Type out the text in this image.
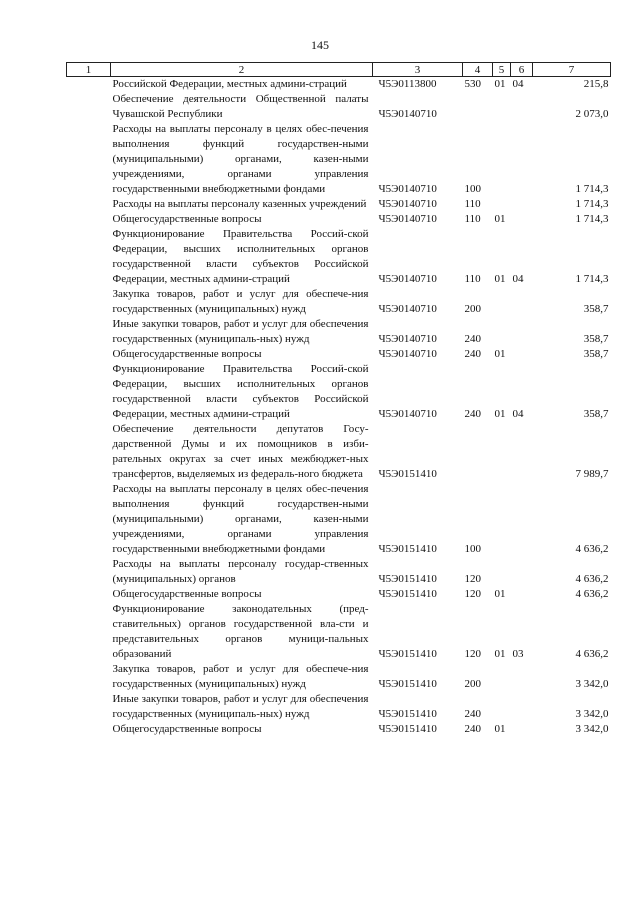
145
1	2	3	4	5	6	7
	Российской Федерации, местных админи-страций	Ч5Э0113800	530	01	04	215,8
	Обеспечение деятельности Общественной палаты Чувашской Республики	Ч5Э0140710				2 073,0
	Расходы на выплаты персоналу в целях обес-печения выполнения функций государствен-ными (муниципальными) органами, казен-ными учреждениями, органами управления государственными внебюджетными фондами	Ч5Э0140710	100			1 714,3
	Расходы на выплаты персоналу казенных учреждений	Ч5Э0140710	110			1 714,3
	Общегосударственные вопросы	Ч5Э0140710	110	01		1 714,3
	Функционирование Правительства Россий-ской Федерации, высших исполнительных органов государственной власти субъектов Российской Федерации, местных админи-страций	Ч5Э0140710	110	01	04	1 714,3
	Закупка товаров, работ и услуг для обеспече-ния государственных (муниципальных) нужд	Ч5Э0140710	200			358,7
	Иные закупки товаров, работ и услуг для обеспечения государственных (муниципаль-ных) нужд	Ч5Э0140710	240			358,7
	Общегосударственные вопросы	Ч5Э0140710	240	01		358,7
	Функционирование Правительства Россий-ской Федерации, высших исполнительных органов государственной власти субъектов Российской Федерации, местных админи-страций	Ч5Э0140710	240	01	04	358,7
	Обеспечение деятельности депутатов Госу-дарственной Думы и их помощников в изби-рательных округах за счет иных межбюджет-ных трансфертов, выделяемых из федераль-ного бюджета	Ч5Э0151410				7 989,7
	Расходы на выплаты персоналу в целях обес-печения выполнения функций государствен-ными (муниципальными) органами, казен-ными учреждениями, органами управления государственными внебюджетными фондами	Ч5Э0151410	100			4 636,2
	Расходы на выплаты персоналу государ-ственных (муниципальных) органов	Ч5Э0151410	120			4 636,2
	Общегосударственные вопросы	Ч5Э0151410	120	01		4 636,2
	Функционирование законодательных (пред-ставительных) органов государственной вла-сти и представительных органов муници-пальных образований	Ч5Э0151410	120	01	03	4 636,2
	Закупка товаров, работ и услуг для обеспече-ния государственных (муниципальных) нужд	Ч5Э0151410	200			3 342,0
	Иные закупки товаров, работ и услуг для обеспечения государственных (муниципаль-ных) нужд	Ч5Э0151410	240			3 342,0
	Общегосударственные вопросы	Ч5Э0151410	240	01		3 342,0
